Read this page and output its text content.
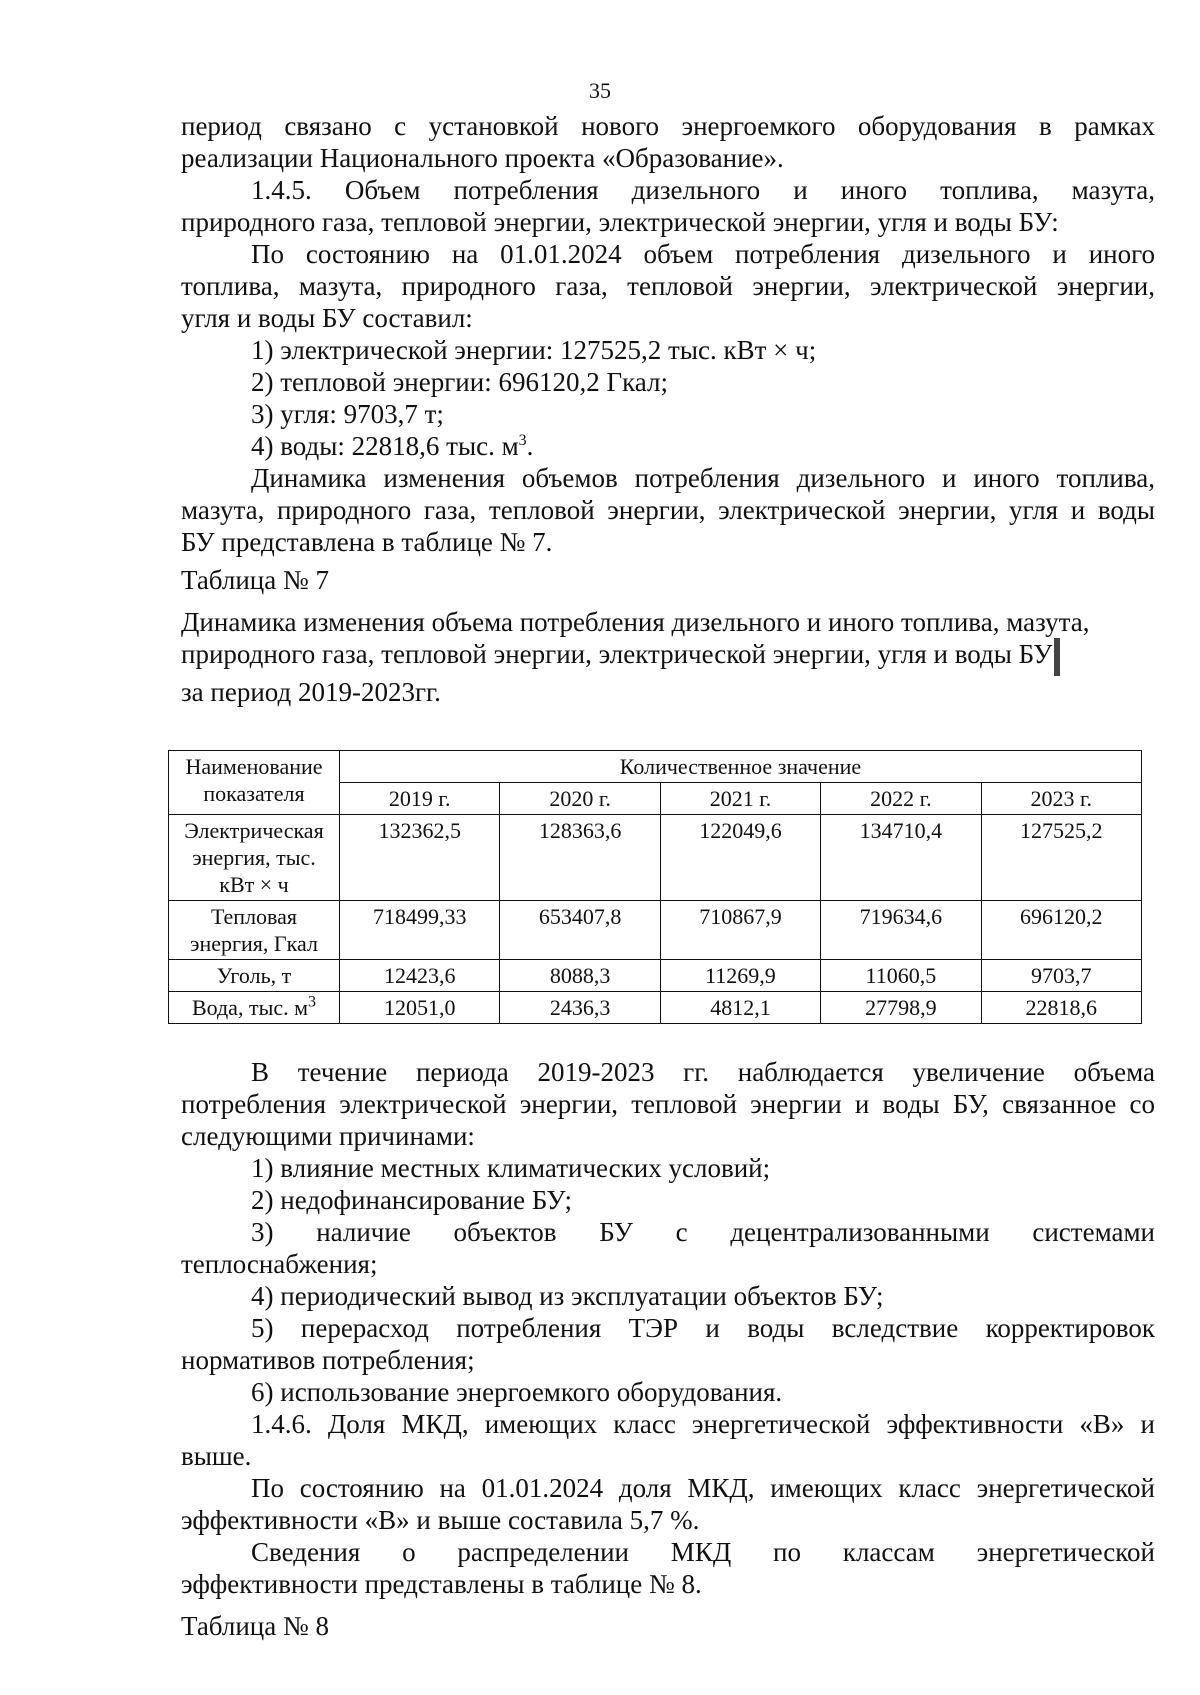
35

период связано с установкой нового энергоемкого оборудования в рамках

реализации Национального проекта «Образование».

1.4.5. Объем потребления дизельного и иного топлива, мазута,

природного газа, тепловой энергии, электрической энергии, угля и воды БУ:

По состоянию на 01.01.2024 объем потребления дизельного и иного

топлива, мазута, природного газа, тепловой энергии, электрической энергии,

угля и воды БУ составил:

1) электрической энергии: 127525,2 тыс. кВт × ч;

2) тепловой энергии: 696120,2 Гкал;

3) угля: 9703,7 т;

4) воды: 22818,6 тыс. $м^3$.

Динамика изменения объемов потребления дизельного и иного топлива,

мазута, природного газа, тепловой энергии, электрической энергии, угля и воды

БУ представлена в таблице № 7.

Таблица № 7

Динамика изменения объема потребления дизельного и иного топлива, мазута,

природного газа, тепловой энергии, электрической энергии, угля и воды БУ

за период 2019-2023гг.

Наименование показателя	Количественное значение				
	2019 г.	2020 г.	2021 г.	2022 г.	2023 г.
Электрическая энергия, тыс. кВт × ч	132362,5	128363,6	122049,6	134710,4	127525,2
Тепловая энергия, Гкал	718499,33	653407,8	710867,9	719634,6	696120,2
Уголь, т	12423,6	8088,3	11269,9	11060,5	9703,7
Вода, тыс. $м^3$	12051,0	2436,3	4812,1	27798,9	22818,6

В течение периода 2019-2023 гг. наблюдается увеличение объема

потребления электрической энергии, тепловой энергии и воды БУ, связанное со

следующими причинами:

1) влияние местных климатических условий;

2) недофинансирование БУ;

3) наличие объектов БУ с децентрализованными системами

теплоснабжения;

4) периодический вывод из эксплуатации объектов БУ;

5) перерасход потребления ТЭР и воды вследствие корректировок

нормативов потребления;

6) использование энергоемкого оборудования.

1.4.6. Доля МКД, имеющих класс энергетической эффективности «В» и

выше.

По состоянию на 01.01.2024 доля МКД, имеющих класс энергетической

эффективности «В» и выше составила 5,7 %.

Сведения о распределении МКД по классам энергетической

эффективности представлены в таблице № 8.

Таблица № 8
